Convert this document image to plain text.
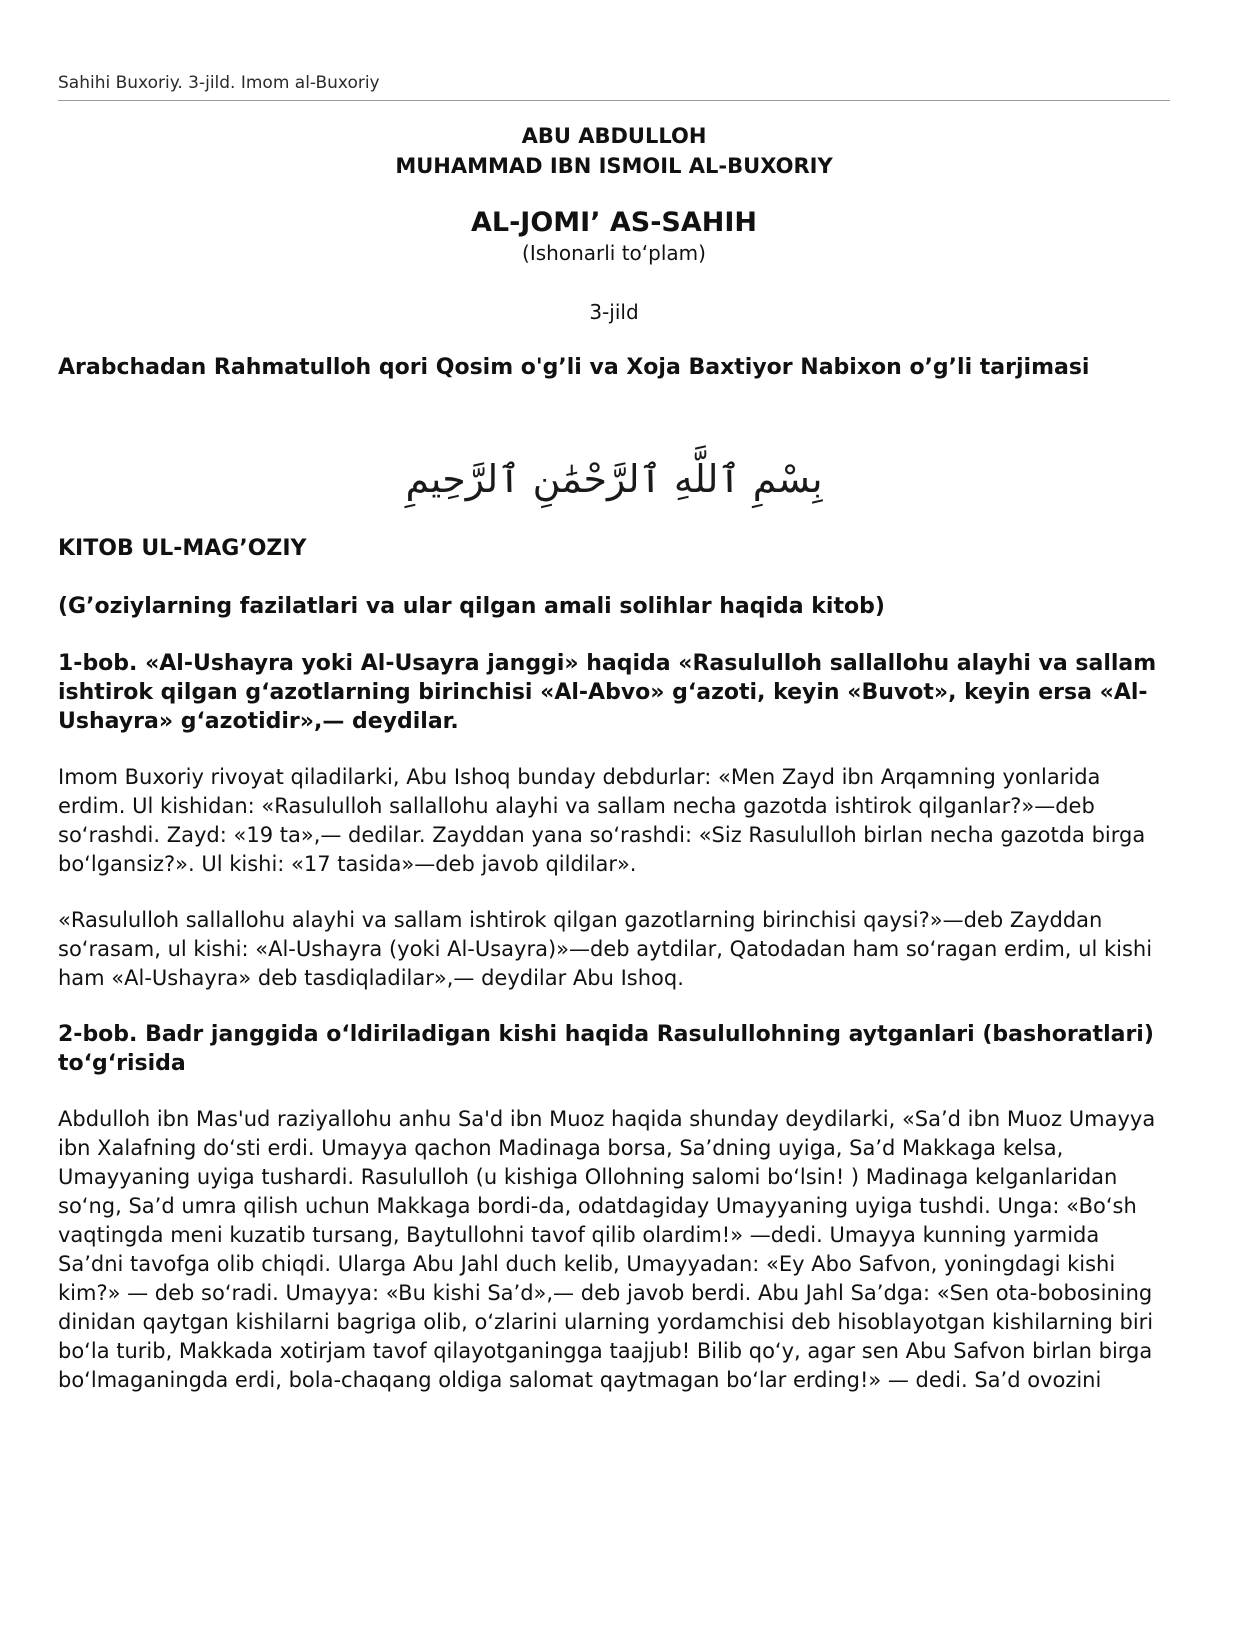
Sahihi Buxoriy. 3-jild. Imom al-Buxoriy
ABU ABDULLOH
MUHAMMAD IBN ISMOIL AL-BUXORIY
AL-JOMI’ AS-SAHIH
(Ishonarli to‘plam)
3-jild
Arabchadan Rahmatulloh qori Qosim o'g’li va Xoja Baxtiyor Nabixon o’g’li tarjimasi
بِسْمِ ٱللَّهِ ٱلرَّحْمَٰنِ ٱلرَّحِيمِ
KITOB UL-MAG’OZIY
(G’oziylarning fazilatlari va ular qilgan amali solihlar haqida kitob)
1-bob. «Al-Ushayra yoki Al-Usayra janggi» haqida «Rasululloh sallallohu alayhi va sallam ishtirok qilgan g‘azotlarning birinchisi «Al-Abvo» g‘azoti, keyin «Buvot», keyin ersa «Al-Ushayra» g‘azotidir»,— deydilar.
Imom Buxoriy rivoyat qiladilarki, Abu Ishoq bunday debdurlar: «Men Zayd ibn Arqamning yonlarida erdim. Ul kishidan: «Rasululloh sallallohu alayhi va sallam necha gazotda ishtirok qilganlar?»—deb so‘rashdi. Zayd: «19 ta»,— dedilar. Zayddan yana so‘rashdi: «Siz Rasululloh birlan necha gazotda birga bo‘lgansiz?». Ul kishi: «17 tasida»—deb javob qildilar».
«Rasululloh sallallohu alayhi va sallam ishtirok qilgan gazotlarning birinchisi qaysi?»—deb Zayddan so‘rasam, ul kishi: «Al-Ushayra (yoki Al-Usayra)»—deb aytdilar, Qatodadan ham so‘ragan erdim, ul kishi ham «Al-Ushayra» deb tasdiqladilar»,— deydilar Abu Ishoq.
2-bob. Badr janggida o‘ldiriladigan kishi haqida Rasulullohning aytganlari (bashoratlari) to‘g‘risida
Abdulloh ibn Mas'ud raziyallohu anhu Sa'd ibn Muoz haqida shunday deydilarki, «Sa’d ibn Muoz Umayya ibn Xalafning do‘sti erdi. Umayya qachon Madinaga borsa, Sa’dning uyiga, Sa’d Makkaga kelsa, Umayyaning uyiga tushardi. Rasululloh (u kishiga Ollohning salomi bo‘lsin! ) Madinaga kelganlaridan so‘ng, Sa’d umra qilish uchun Makkaga bordi-da, odatdagiday Umayyaning uyiga tushdi. Unga: «Bo‘sh vaqtingda meni kuzatib tursang, Baytullohni tavof qilib olardim!» —dedi. Umayya kunning yarmida Sa’dni tavofga olib chiqdi. Ularga Abu Jahl duch kelib, Umayyadan: «Ey Abo Safvon, yoningdagi kishi kim?» — deb so‘radi. Umayya: «Bu kishi Sa’d»,— deb javob berdi. Abu Jahl Sa’dga: «Sen ota-bobosining dinidan qaytgan kishilarni bagriga olib, o‘zlarini ularning yordamchisi deb hisoblayotgan kishilarning biri bo‘la turib, Makkada xotirjam tavof qilayotganingga taajjub! Bilib qo‘y, agar sen Abu Safvon birlan birga bo‘lmaganingda erdi, bola-chaqang oldiga salomat qaytmagan bo‘lar erding!» — dedi. Sa’d ovozini
